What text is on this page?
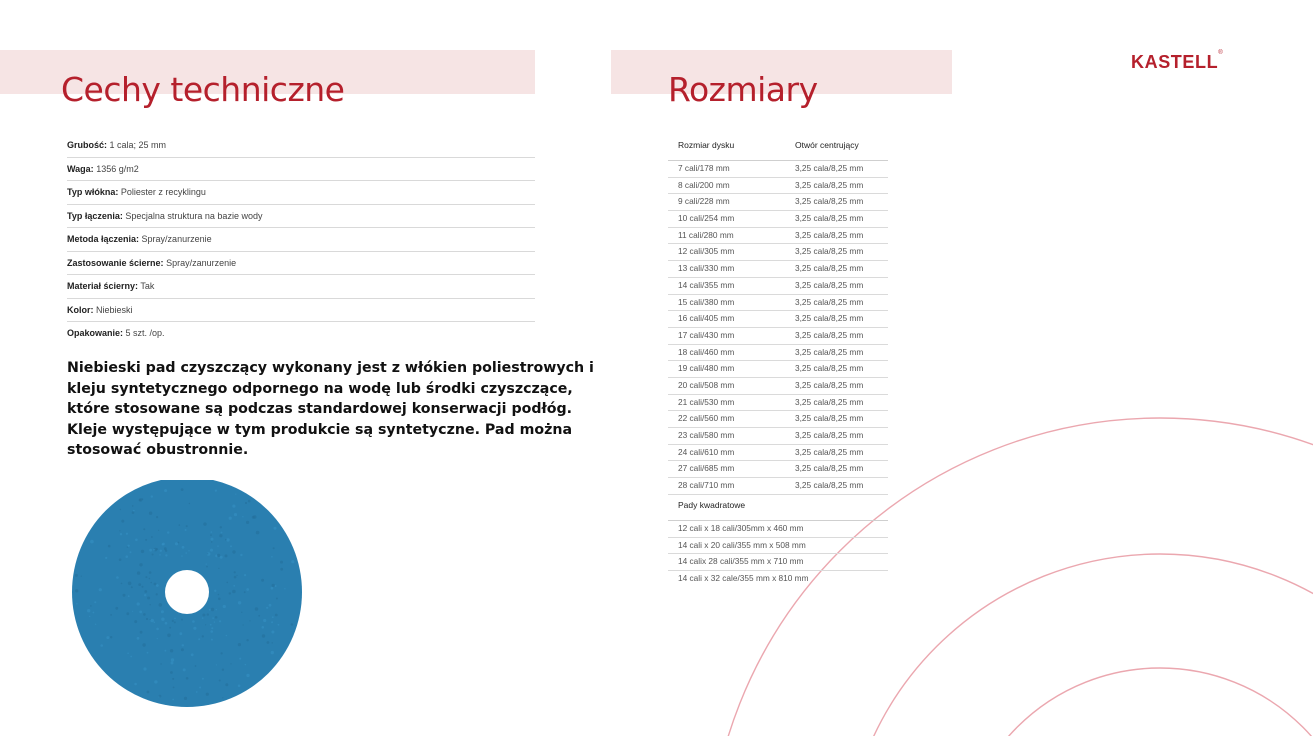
Cechy techniczne	Rozmiary
KASTELL®
Grubość: 1 cala; 25 mm
Waga: 1356 g/m2
Typ włókna: Poliester z recyklingu
Typ łączenia: Specjalna struktura na bazie wody
Metoda łączenia: Spray/zanurzenie
Zastosowanie ścierne: Spray/zanurzenie
Materiał ścierny: Tak
Kolor: Niebieski
Opakowanie: 5 szt. /op.
Niebieski pad czyszczący wykonany jest z włókien poliestrowych i kleju syntetycznego odpornego na wodę lub środki czyszczące, które stosowane są podczas standardowej konserwacji podłóg. Kleje występujące w tym produkcie są syntetyczne. Pad można stosować obustronnie.
Rozmiar dysku	Otwór centrujący
7 cali/178 mm	3,25 cala/8,25 mm
8 cali/200 mm	3,25 cala/8,25 mm
9 cali/228 mm	3,25 cala/8,25 mm
10 cali/254 mm	3,25 cala/8,25 mm
11 cali/280 mm	3,25 cala/8,25 mm
12 cali/305 mm	3,25 cala/8,25 mm
13 cali/330 mm	3,25 cala/8,25 mm
14 cali/355 mm	3,25 cala/8,25 mm
15 cali/380 mm	3,25 cala/8,25 mm
16 cali/405 mm	3,25 cala/8,25 mm
17 cali/430 mm	3,25 cala/8,25 mm
18 cali/460 mm	3,25 cala/8,25 mm
19 cali/480 mm	3,25 cala/8,25 mm
20 cali/508 mm	3,25 cala/8,25 mm
21 cali/530 mm	3,25 cala/8,25 mm
22 cali/560 mm	3,25 cala/8,25 mm
23 cali/580 mm	3,25 cala/8,25 mm
24 cali/610 mm	3,25 cala/8,25 mm
27 cali/685 mm	3,25 cala/8,25 mm
28 cali/710 mm	3,25 cala/8,25 mm
Pady kwadratowe
12 cali x 18 cali/305mm x 460 mm
14 cali x 20 cali/355 mm x 508 mm
14 calix 28 cali/355 mm x 710 mm
14 cali x 32 cale/355 mm x 810 mm
